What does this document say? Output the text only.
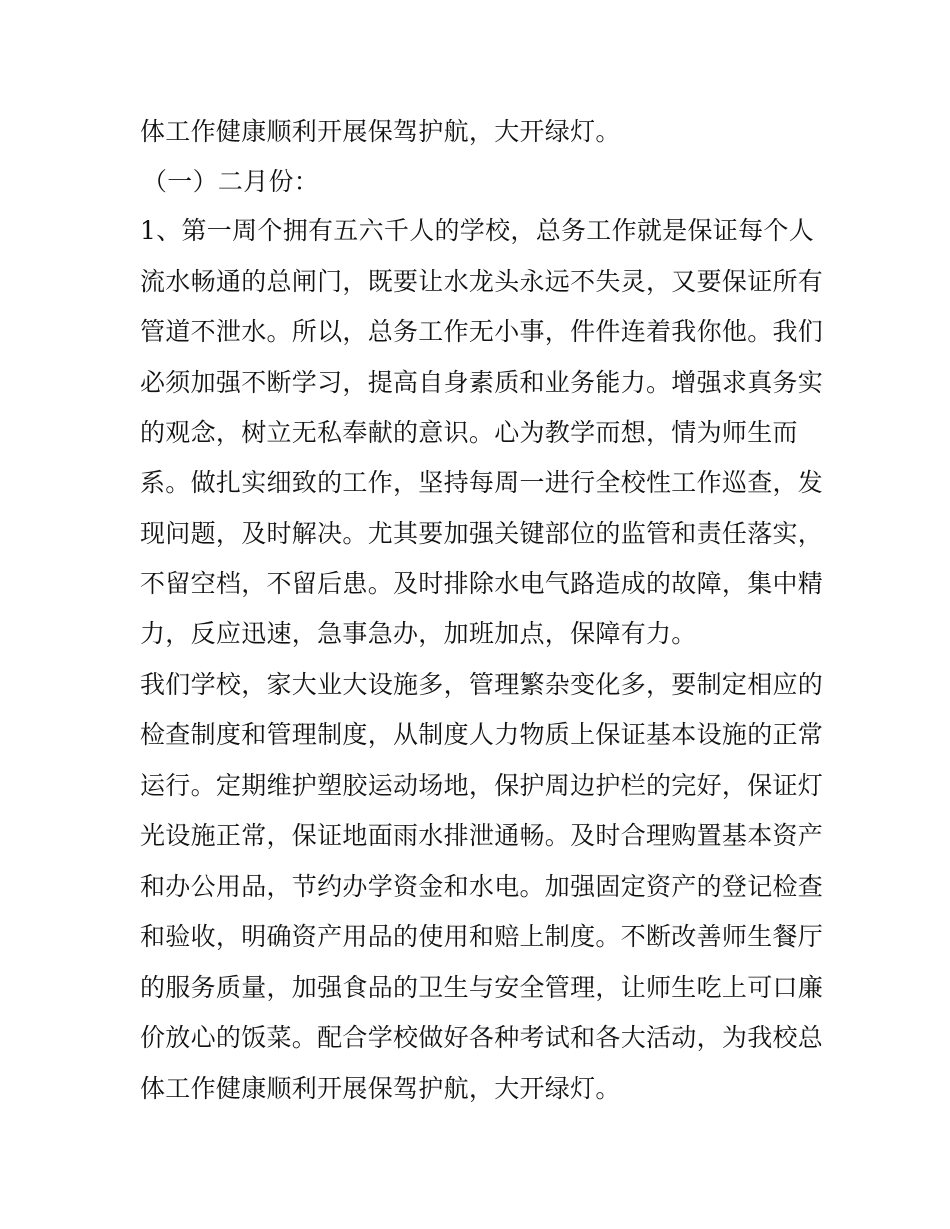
体工作健康顺利开展保驾护航，大开绿灯。
（一）二月份：
1、第一周个拥有五六千人的学校，总务工作就是保证每个人
流水畅通的总闸门，既要让水龙头永远不失灵，又要保证所有
管道不泄水。所以，总务工作无小事，件件连着我你他。我们
必须加强不断学习，提高自身素质和业务能力。增强求真务实
的观念，树立无私奉献的意识。心为教学而想，情为师生而
系。做扎实细致的工作，坚持每周一进行全校性工作巡查，发
现问题，及时解决。尤其要加强关键部位的监管和责任落实，
不留空档，不留后患。及时排除水电气路造成的故障，集中精
力，反应迅速，急事急办，加班加点，保障有力。
我们学校，家大业大设施多，管理繁杂变化多，要制定相应的
检查制度和管理制度，从制度人力物质上保证基本设施的正常
运行。定期维护塑胶运动场地，保护周边护栏的完好，保证灯
光设施正常，保证地面雨水排泄通畅。及时合理购置基本资产
和办公用品，节约办学资金和水电。加强固定资产的登记检查
和验收，明确资产用品的使用和赔上制度。不断改善师生餐厅
的服务质量，加强食品的卫生与安全管理，让师生吃上可口廉
价放心的饭菜。配合学校做好各种考试和各大活动，为我校总
体工作健康顺利开展保驾护航，大开绿灯。
